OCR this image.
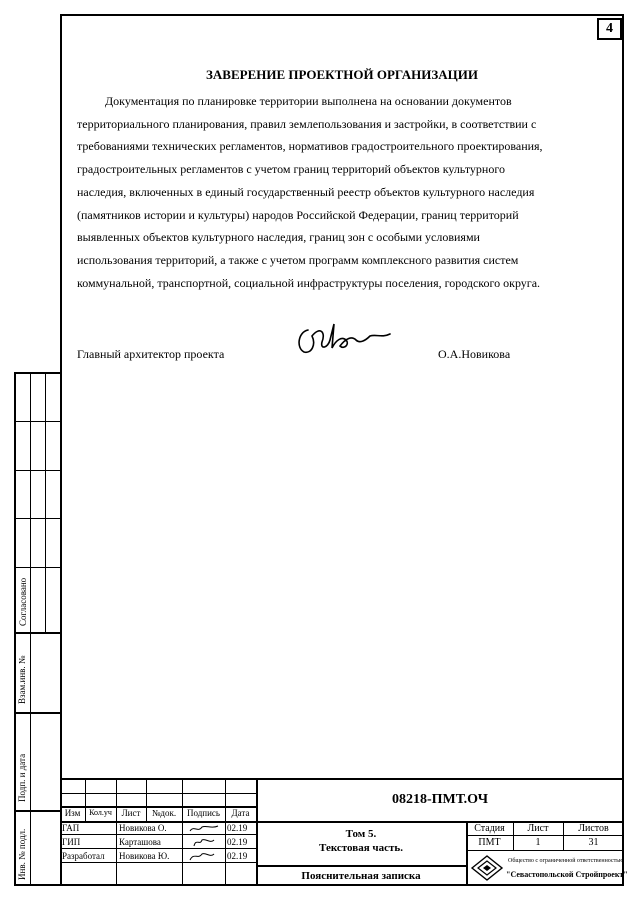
4
ЗАВЕРЕНИЕ ПРОЕКТНОЙ ОРГАНИЗАЦИИ
Документация по планировке территории выполнена на основании документов
территориального планирования, правил землепользования и застройки, в соответствии с
требованиями технических регламентов, нормативов градостроительного проектирования,
градостроительных регламентов с учетом границ территорий объектов культурного
наследия, включенных в единый государственный реестр объектов культурного наследия
(памятников истории и культуры) народов Российской Федерации, границ территорий
выявленных объектов культурного наследия, границ зон с особыми условиями
использования территорий, а также с учетом программ комплексного развития систем
коммунальной, транспортной, социальной инфраструктуры поселения, городского округа.
Главный архитектор проекта	О.А.Новикова
Согласовано
Взам.инв. №
Подп. и дата
Инв. № подл.
Изм	Кол.уч	Лист	№док.	Подпись	Дата
ГАП	Новикова О.	02.19
ГИП	Карташова	02.19
Разработал Новикова Ю.	02.19
08218-ПМТ.ОЧ
Том 5.
Текстовая часть.
Пояснительная записка
Стадия	Лист	Листов
ПМТ	1	31
Общество с ограниченной ответственностью
"Севастопольской Стройпроект"
